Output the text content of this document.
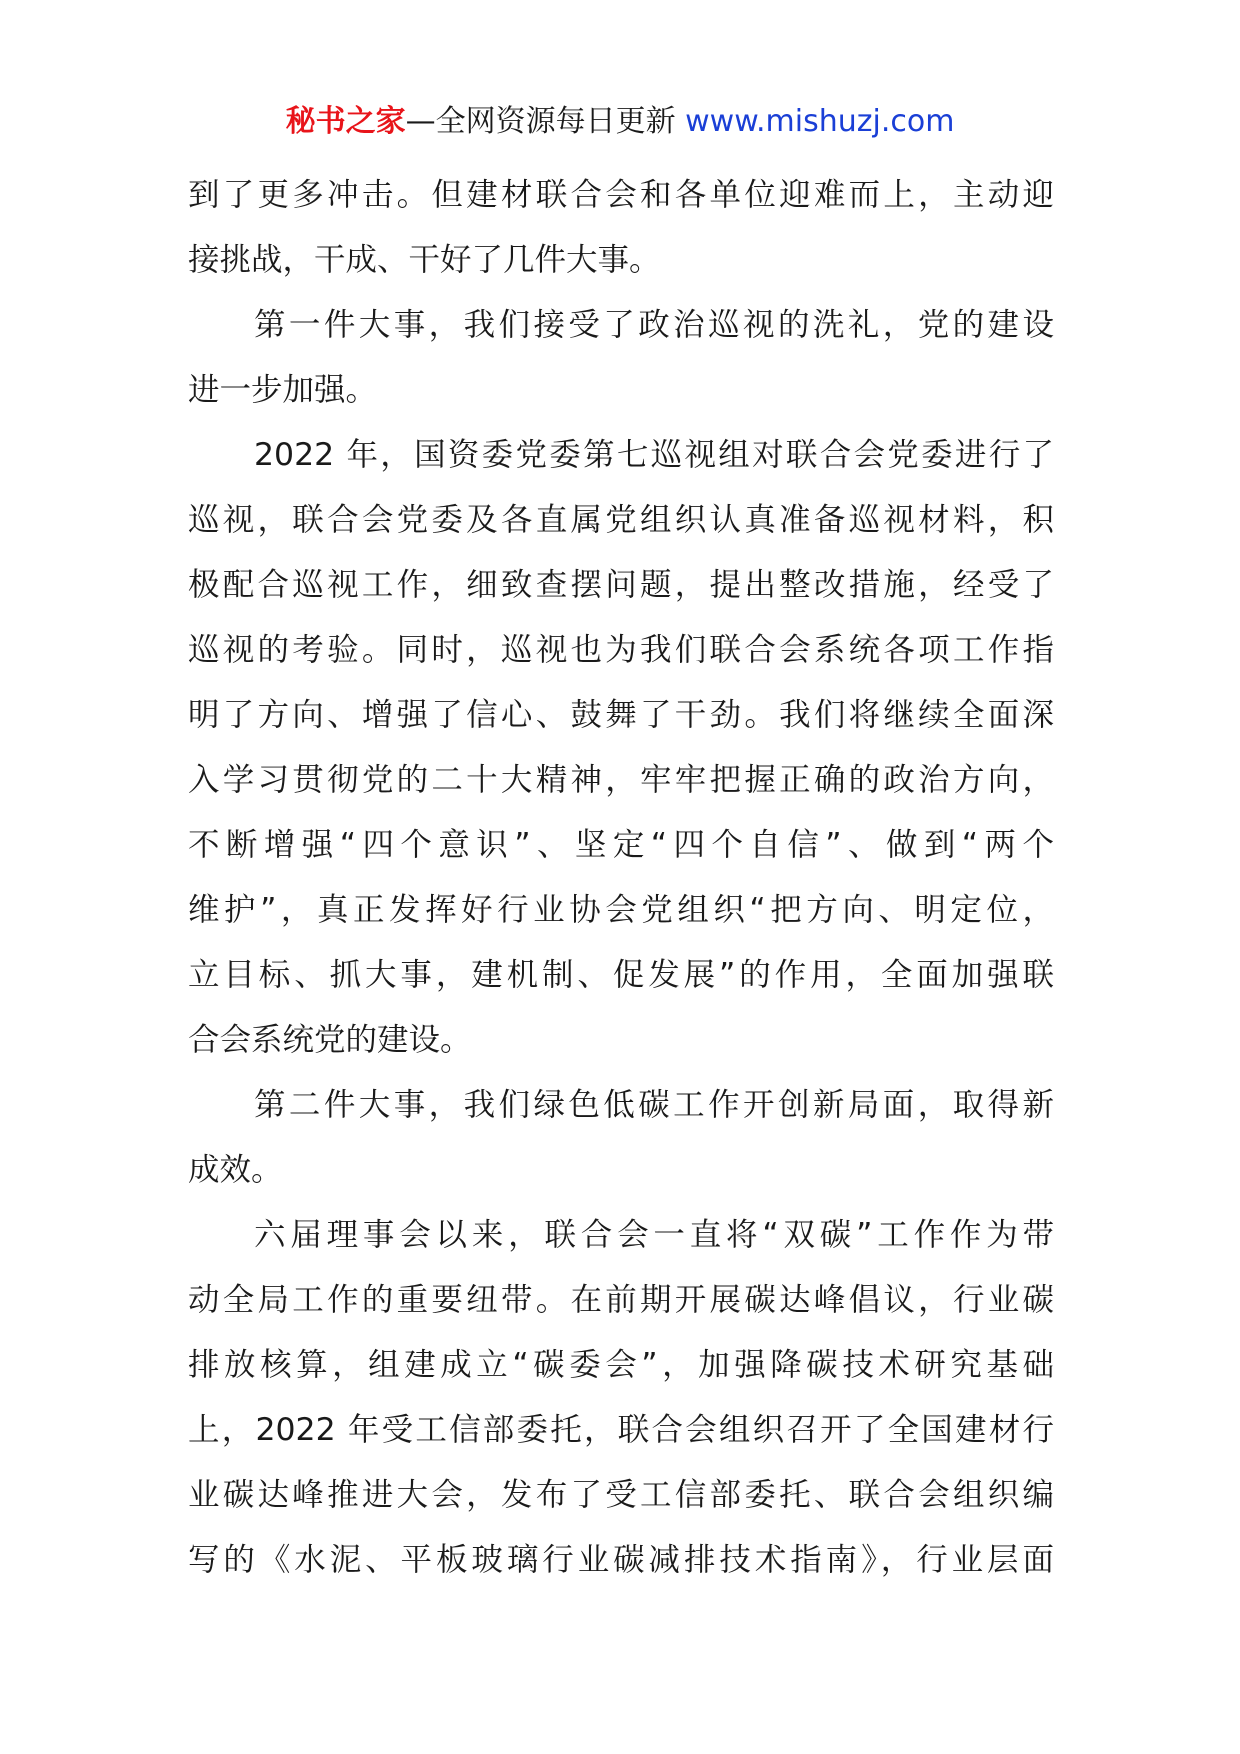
秘书之家—全网资源每日更新 www.mishuzj.com
到了更多冲击。但建材联合会和各单位迎难而上，主动迎
接挑战，干成、干好了几件大事。
第一件大事，我们接受了政治巡视的洗礼，党的建设
进一步加强。
2022 年，国资委党委第七巡视组对联合会党委进行了
巡视，联合会党委及各直属党组织认真准备巡视材料，积
极配合巡视工作，细致查摆问题，提出整改措施，经受了
巡视的考验。同时，巡视也为我们联合会系统各项工作指
明了方向、增强了信心、鼓舞了干劲。我们将继续全面深
入学习贯彻党的二十大精神，牢牢把握正确的政治方向，
不断增强“四个意识”、坚定“四个自信”、做到“两个
维护”，真正发挥好行业协会党组织“把方向、明定位，
立目标、抓大事，建机制、促发展”的作用，全面加强联
合会系统党的建设。
第二件大事，我们绿色低碳工作开创新局面，取得新
成效。
六届理事会以来，联合会一直将“双碳”工作作为带
动全局工作的重要纽带。在前期开展碳达峰倡议，行业碳
排放核算，组建成立“碳委会”，加强降碳技术研究基础
上，2022 年受工信部委托，联合会组织召开了全国建材行
业碳达峰推进大会，发布了受工信部委托、联合会组织编
写的《水泥、平板玻璃行业碳减排技术指南》，行业层面
